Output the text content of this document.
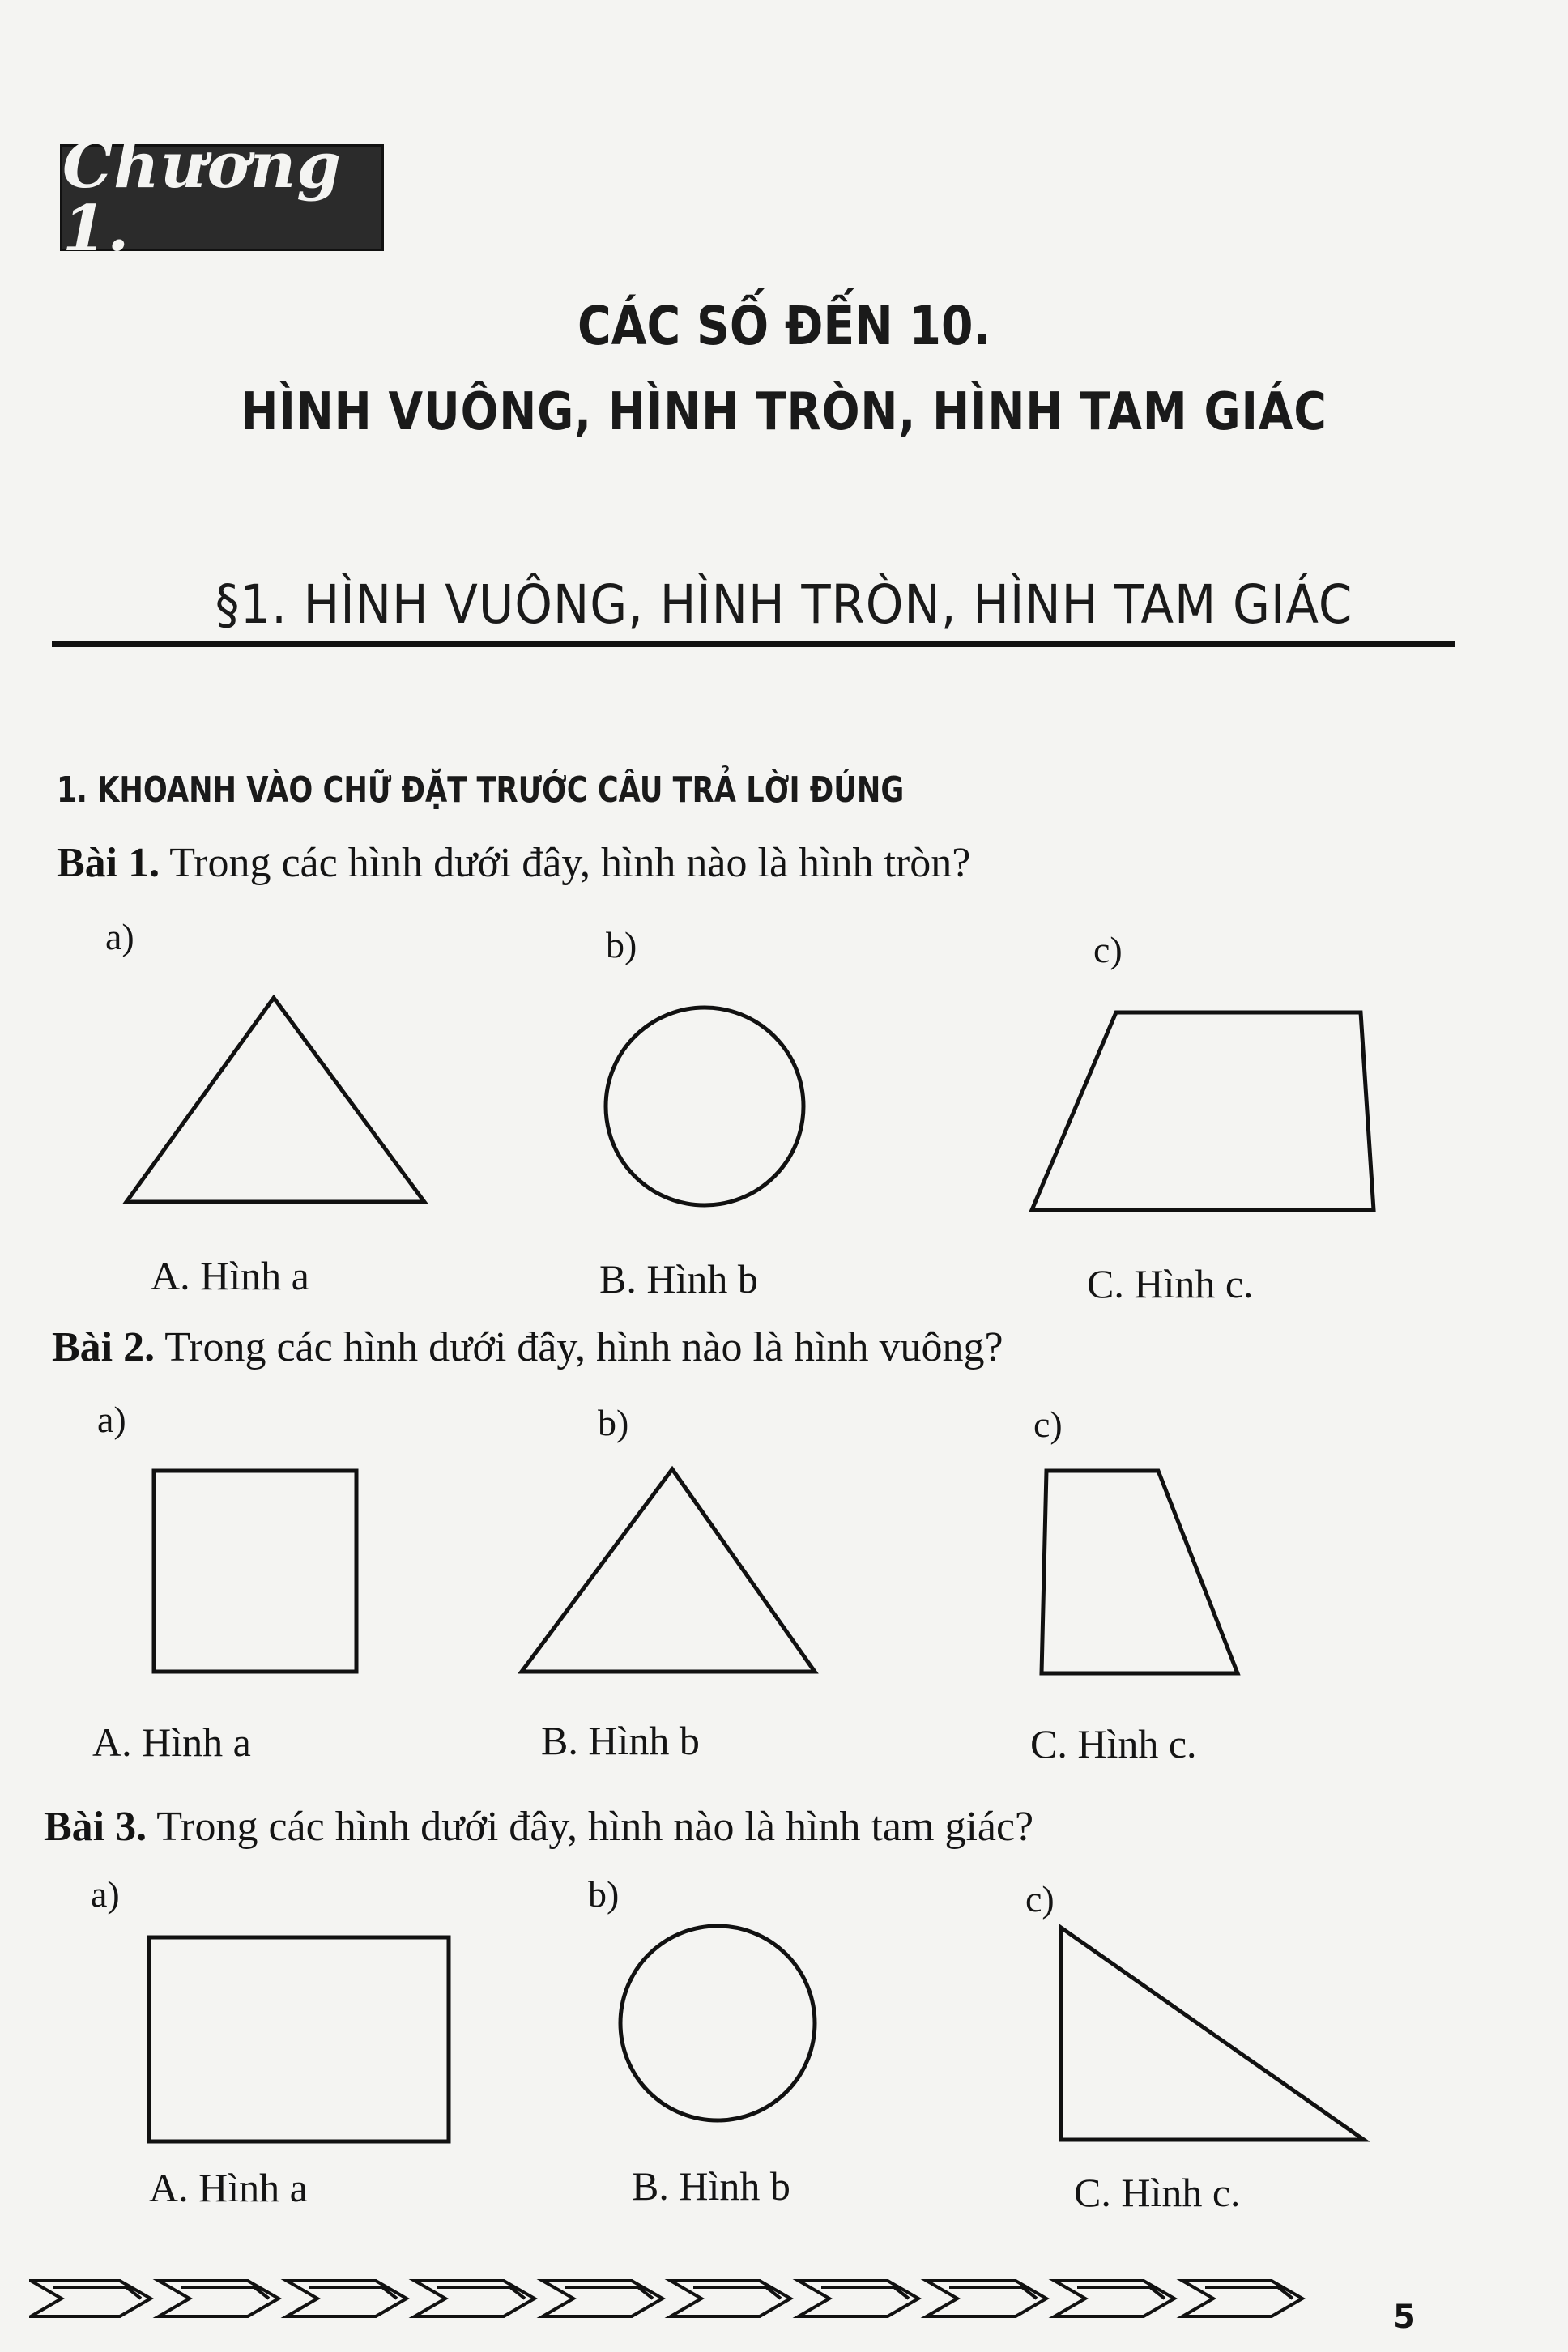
Chương 1.
CÁC SỐ ĐẾN 10.
HÌNH VUÔNG, HÌNH TRÒN, HÌNH TAM GIÁC
§1. HÌNH VUÔNG, HÌNH TRÒN, HÌNH TAM GIÁC
1. KHOANH VÀO CHỮ ĐẶT TRƯỚC CÂU TRẢ LỜI ĐÚNG
Bài 1. Trong các hình dưới đây, hình nào là hình tròn?
a)	b)	c)
A. Hình a	B. Hình b	C. Hình c.
Bài 2. Trong các hình dưới đây, hình nào là hình vuông?
a)	b)	c)
A. Hình a	B. Hình b	C. Hình c.
Bài 3. Trong các hình dưới đây, hình nào là hình tam giác?
a)	b)	c)
A. Hình a	B. Hình b	C. Hình c.
5
